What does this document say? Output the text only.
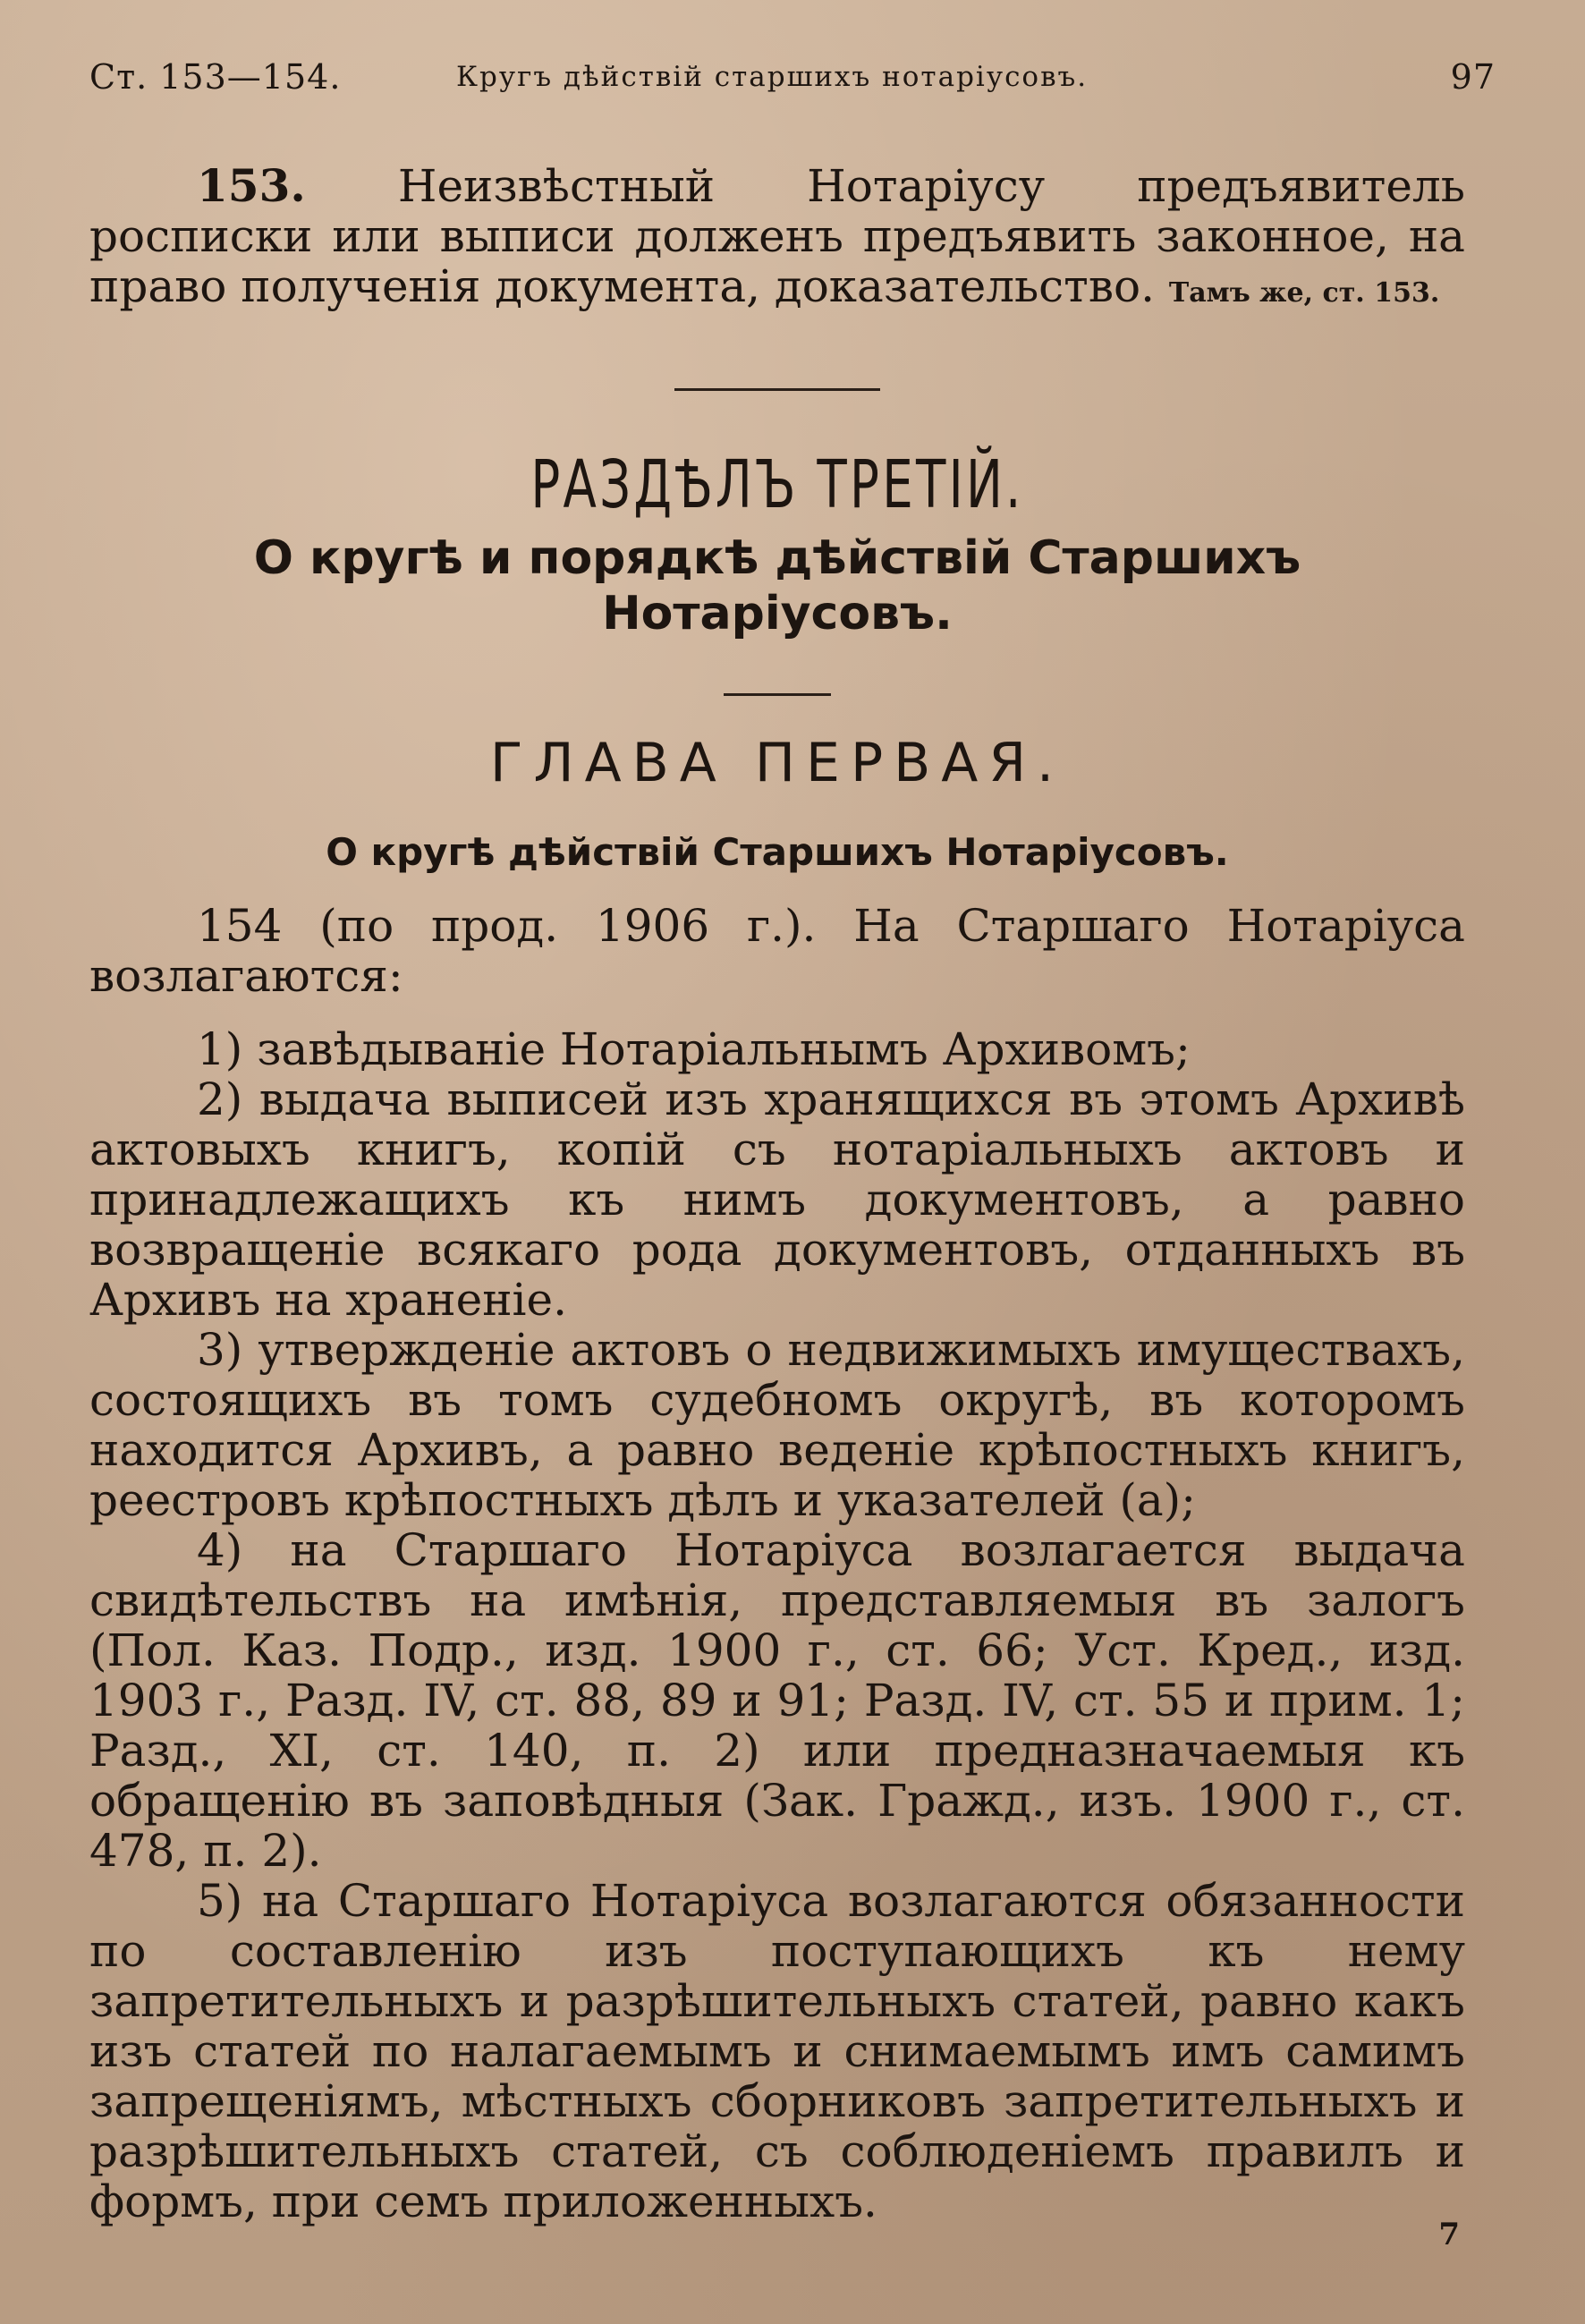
Ст. 153—154.	Кругъ дѣйствій старшихъ нотаріусовъ.	97

153. Неизвѣстный Нотаріусу предъявитель росписки или выписи долженъ предъявить законное, на право полученія документа, доказательство. Тамъ же, ст. 153.

РАЗДѢЛЪ ТРЕТІЙ.
О кругѣ и порядкѣ дѣйствій Старшихъ
Нотаріусовъ.
ГЛАВА ПЕРВАЯ.
О кругѣ дѣйствій Старшихъ Нотаріусовъ.

154 (по прод. 1906 г.). На Старшаго Нотаріуса возлагаются:

1) завѣдываніе Нотаріальнымъ Архивомъ;

2) выдача выписей изъ хранящихся въ этомъ Архивѣ актовыхъ книгъ, копій съ нотаріальныхъ актовъ и принадлежащихъ къ нимъ документовъ, а равно возвращеніе всякаго рода документовъ, отданныхъ въ Архивъ на храненіе.

3) утвержденіе актовъ о недвижимыхъ имуществахъ, состоящихъ въ томъ судебномъ округѣ, въ которомъ находится Архивъ, а равно веденіе крѣпостныхъ книгъ, реестровъ крѣпостныхъ дѣлъ и указателей (а);

4) на Старшаго Нотаріуса возлагается выдача свидѣтельствъ на имѣнія, представляемыя въ залогъ (Пол. Каз. Подр., изд. 1900 г., ст. 66; Уст. Кред., изд. 1903 г., Разд. IV, ст. 88, 89 и 91; Разд. IV, ст. 55 и прим. 1; Разд., XI, ст. 140, п. 2) или предназначаемыя къ обращенію въ заповѣдныя (Зак. Гражд., изъ. 1900 г., ст. 478, п. 2).

5) на Старшаго Нотаріуса возлагаются обязанности по составленію изъ поступающихъ къ нему запретительныхъ и разрѣшительныхъ статей, равно какъ изъ статей по налагаемымъ и снимаемымъ имъ самимъ запрещеніямъ, мѣстныхъ сборниковъ запретительныхъ и разрѣшительныхъ статей, съ соблюденіемъ правилъ и формъ, при семъ приложенныхъ.

7
